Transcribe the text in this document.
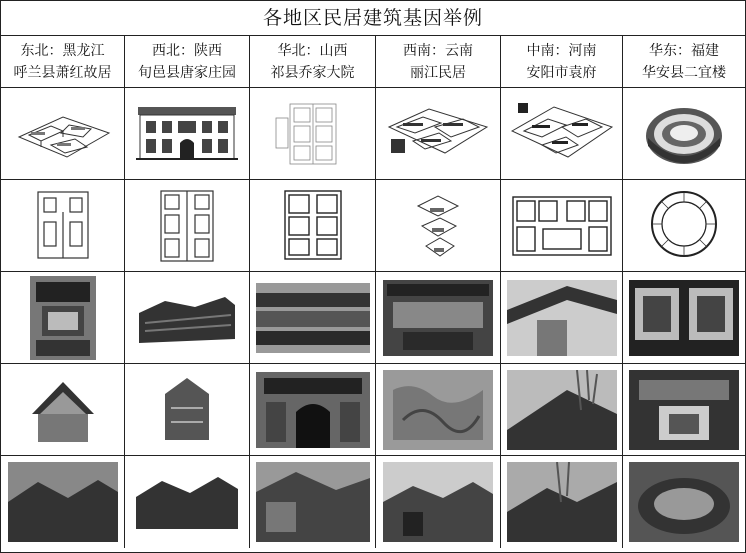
各地区民居建筑基因举例
东北：黑龙江
呼兰县萧红故居
西北：陕西
旬邑县唐家庄园
华北：山西
祁县乔家大院
西南：云南
丽江民居
中南：河南
安阳市袁府
华东：福建
华安县二宜楼
